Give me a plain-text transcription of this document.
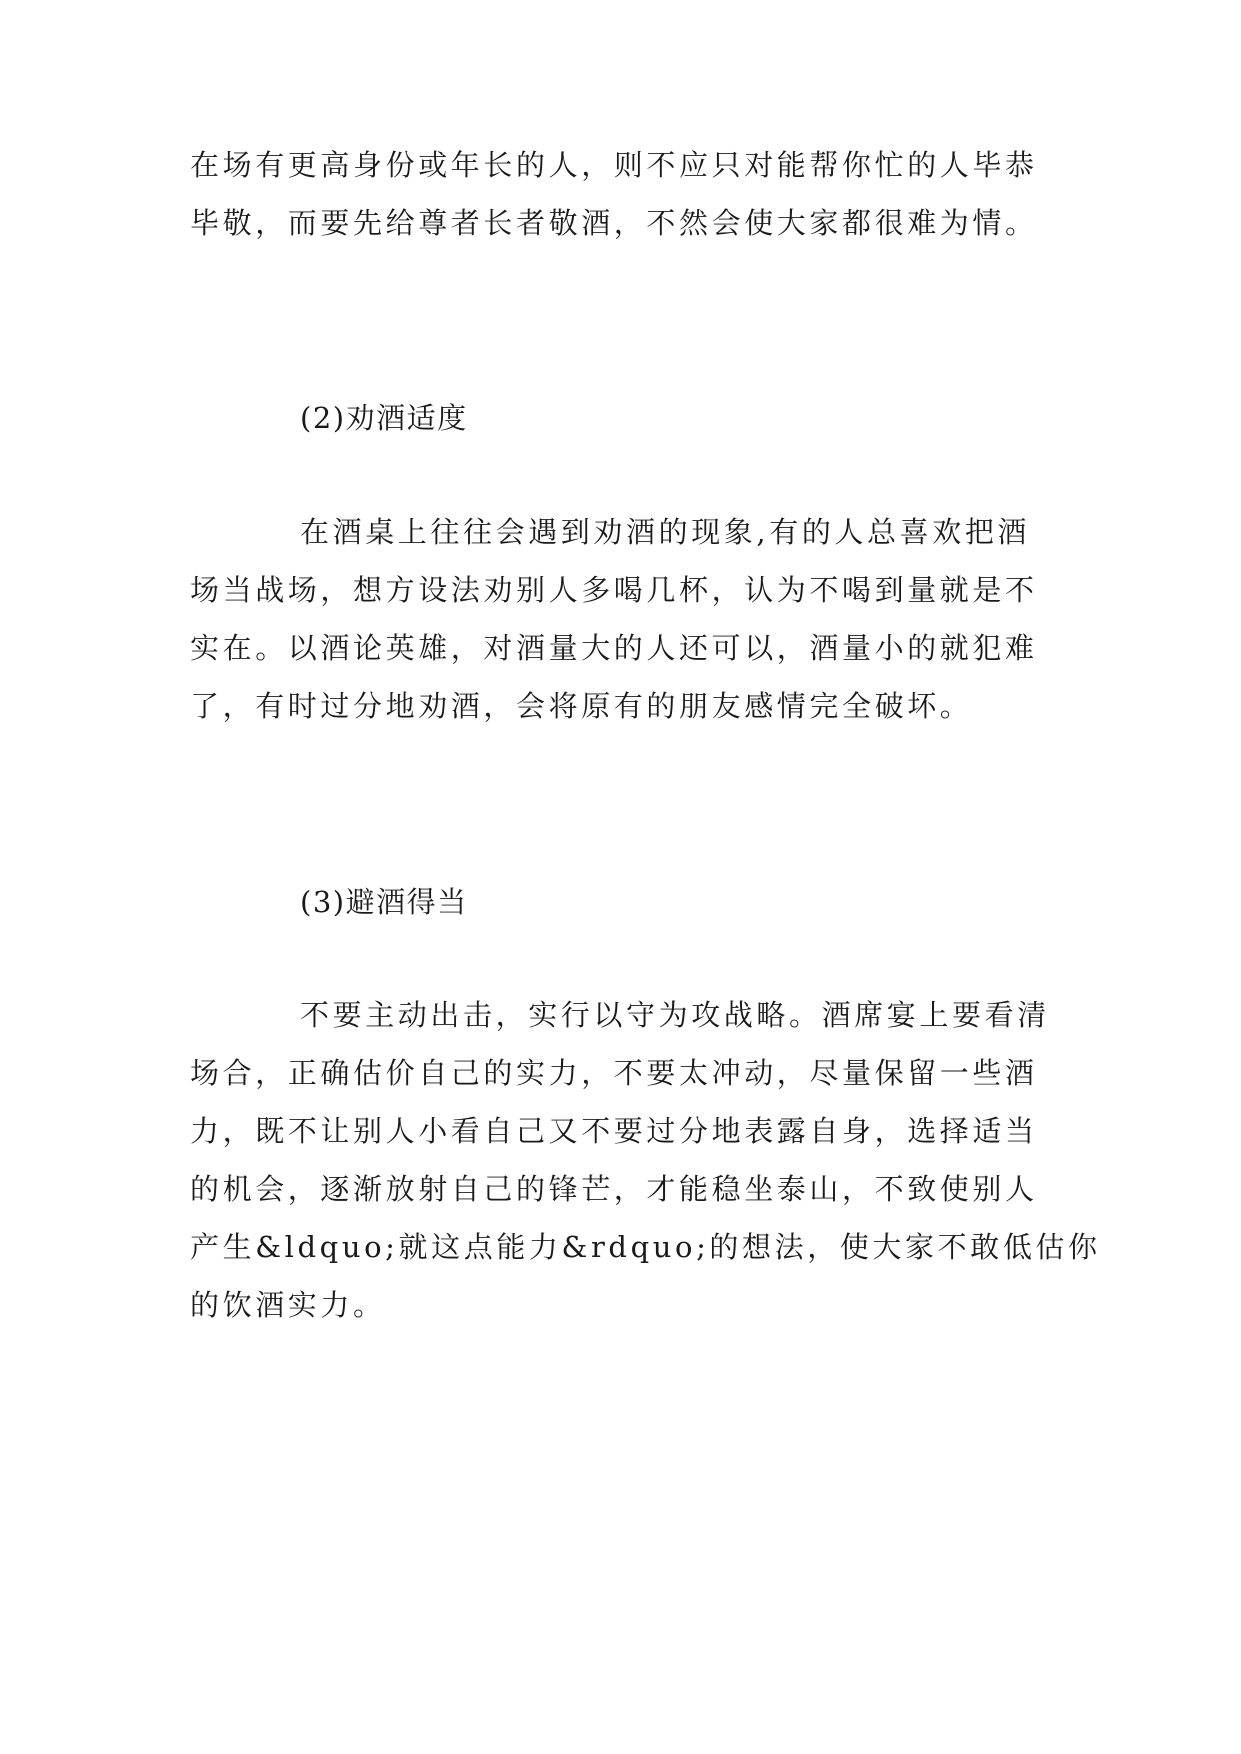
在场有更高身份或年长的人，则不应只对能帮你忙的人毕恭
毕敬，而要先给尊者长者敬酒，不然会使大家都很难为情。
(2)劝酒适度
在酒桌上往往会遇到劝酒的现象,有的人总喜欢把酒
场当战场，想方设法劝别人多喝几杯，认为不喝到量就是不
实在。以酒论英雄，对酒量大的人还可以，酒量小的就犯难
了，有时过分地劝酒，会将原有的朋友感情完全破坏。
(3)避酒得当
不要主动出击，实行以守为攻战略。酒席宴上要看清
场合，正确估价自己的实力，不要太冲动，尽量保留一些酒
力，既不让别人小看自己又不要过分地表露自身，选择适当
的机会，逐渐放射自己的锋芒，才能稳坐泰山，不致使别人
产生&ldquo;就这点能力&rdquo;的想法，使大家不敢低估你
的饮酒实力。
